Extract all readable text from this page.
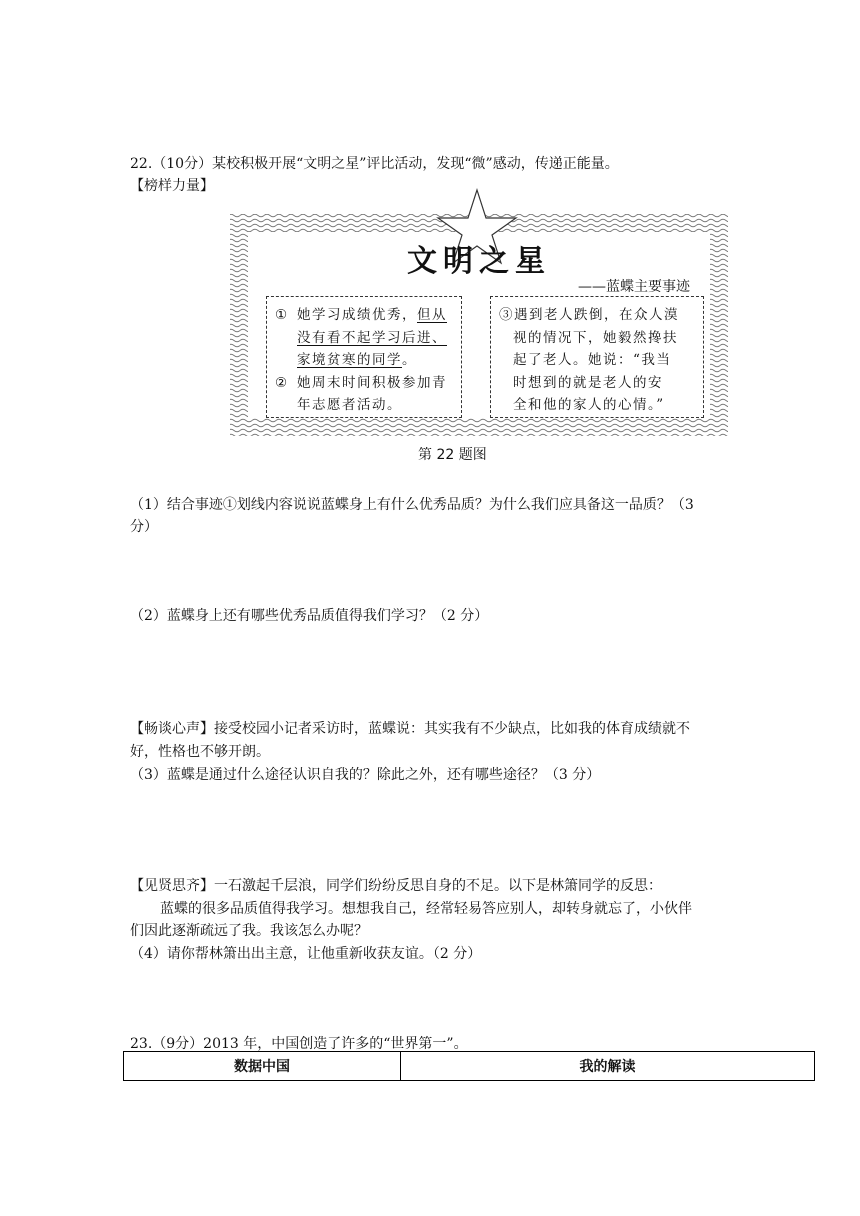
22.（10分）某校积极开展“文明之星”评比活动，发现“微”感动，传递正能量。
【榜样力量】
文明之星
——蓝蝶主要事迹
① 她学习成绩优秀，但从
没有看不起学习后进、
家境贫寒的同学。
② 她周末时间积极参加青
年志愿者活动。
③遇到老人跌倒，在众人漠
视的情况下，她毅然搀扶
起了老人。她说：“我当
时想到的就是老人的安
全和他的家人的心情。”
第 22 题图
（1）结合事迹①划线内容说说蓝蝶身上有什么优秀品质？为什么我们应具备这一品质？（3
分）
（2）蓝蝶身上还有哪些优秀品质值得我们学习？（2 分）
【畅谈心声】接受校园小记者采访时，蓝蝶说：其实我有不少缺点，比如我的体育成绩就不
好，性格也不够开朗。
（3）蓝蝶是通过什么途径认识自我的？除此之外，还有哪些途径？（3 分）
【见贤思齐】一石激起千层浪，同学们纷纷反思自身的不足。以下是林箫同学的反思：
蓝蝶的很多品质值得我学习。想想我自己，经常轻易答应别人，却转身就忘了，小伙伴
们因此逐渐疏远了我。我该怎么办呢？
（4）请你帮林箫出出主意，让他重新收获友谊。（2 分）
23.（9分）2013 年，中国创造了许多的“世界第一”。
数据中国	我的解读
